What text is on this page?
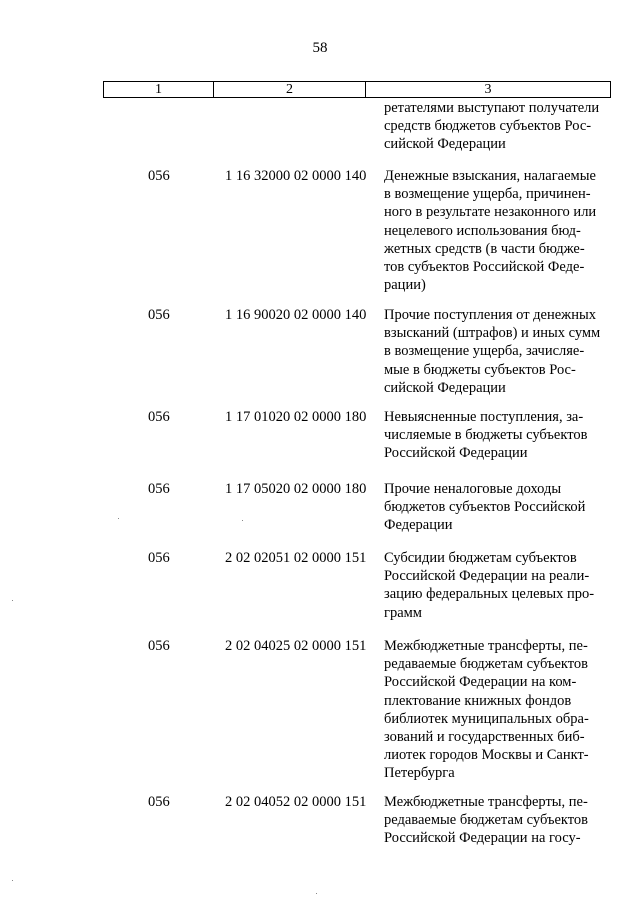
58
1	2	3
ретателями выступают получатели
средств бюджетов субъектов Рос-
сийской Федерации
056	1 16 32000 02 0000 140 Денежные взыскания, налагаемые
в возмещение ущерба, причинен-
ного в результате незаконного или
нецелевого использования бюд-
жетных средств (в части бюдже-
тов субъектов Российской Феде-
рации)
056	1 16 90020 02 0000 140 Прочие поступления от денежных
взысканий (штрафов) и иных сумм
в возмещение ущерба, зачисляе-
мые в бюджеты субъектов Рос-
сийской Федерации
056	1 17 01020 02 0000 180 Невыясненные поступления, за-
числяемые в бюджеты субъектов
Российской Федерации
056	1 17 05020 02 0000 180 Прочие неналоговые доходы
бюджетов субъектов Российской
Федерации
056	2 02 02051 02 0000 151 Субсидии бюджетам субъектов
Российской Федерации на реали-
зацию федеральных целевых про-
грамм
056	2 02 04025 02 0000 151 Межбюджетные трансферты, пе-
редаваемые бюджетам субъектов
Российской Федерации на ком-
плектование книжных фондов
библиотек муниципальных обра-
зований и государственных биб-
лиотек городов Москвы и Санкт-
Петербурга
056	2 02 04052 02 0000 151 Межбюджетные трансферты, пе-
редаваемые бюджетам субъектов
Российской Федерации на госу-
